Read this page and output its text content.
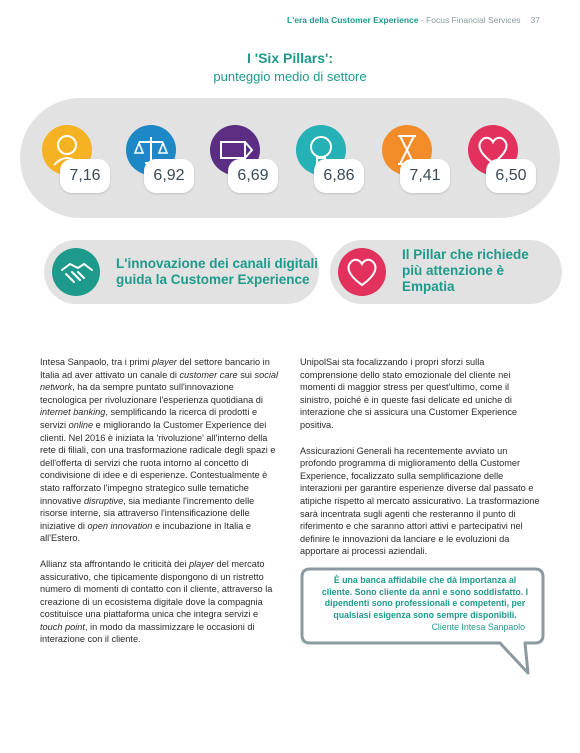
L'era della Customer Experience - Focus Financial Services 37
I 'Six Pillars':
punteggio medio di settore
7,16	6,92	6,69	6,86	7,41	6,50
L'innovazione dei canali digitali
guida la Customer Experience
Il Pillar che richiede
più attenzione è
Empatia

Intesa Sanpaolo, tra i primi player del settore bancario in Italia ad aver attivato un canale di customer care sui social network, ha da sempre puntato sull'innovazione tecnologica per rivoluzionare l'esperienza quotidiana di internet banking, semplificando la ricerca di prodotti e servizi online e migliorando la Customer Experience dei clienti. Nel 2016 è iniziata la 'rivoluzione' all'interno della rete di filiali, con una trasformazione radicale degli spazi e dell'offerta di servizi che ruota intorno al concetto di condivisione di idee e di esperienze. Contestualmente è stato rafforzato l'impegno strategico sulle tematiche innovative disruptive, sia mediante l'incremento delle risorse interne, sia attraverso l'intensificazione delle iniziative di open innovation e incubazione in Italia e all'Estero.

Allianz sta affrontando le criticità dei player del mercato assicurativo, che tipicamente dispongono di un ristretto numero di momenti di contatto con il cliente, attraverso la creazione di un ecosistema digitale dove la compagnia costituisce una piattaforma unica che integra servizi e touch point, in modo da massimizzare le occasioni di interazione con il cliente.

UnipolSai sta focalizzando i propri sforzi sulla comprensione dello stato emozionale del cliente nei momenti di maggior stress per quest'ultimo, come il sinistro, poiché è in queste fasi delicate ed uniche di interazione che si assicura una Customer Experience positiva.

Assicurazioni Generali ha recentemente avviato un profondo programma di miglioramento della Customer Experience, focalizzato sulla semplificazione delle interazioni per garantire esperienze diverse dal passato e atipiche rispetto al mercato assicurativo. La trasformazione sarà incentrata sugli agenti che resteranno il punto di riferimento e che saranno attori attivi e partecipativi nel definire le innovazioni da lanciare e le evoluzioni da apportare ai processi aziendali.

È una banca affidabile che dà importanza al cliente. Sono cliente da anni e sono soddisfatto. I dipendenti sono professionali e competenti, per qualsiasi esigenza sono sempre disponibili.
Cliente Intesa Sanpaolo
